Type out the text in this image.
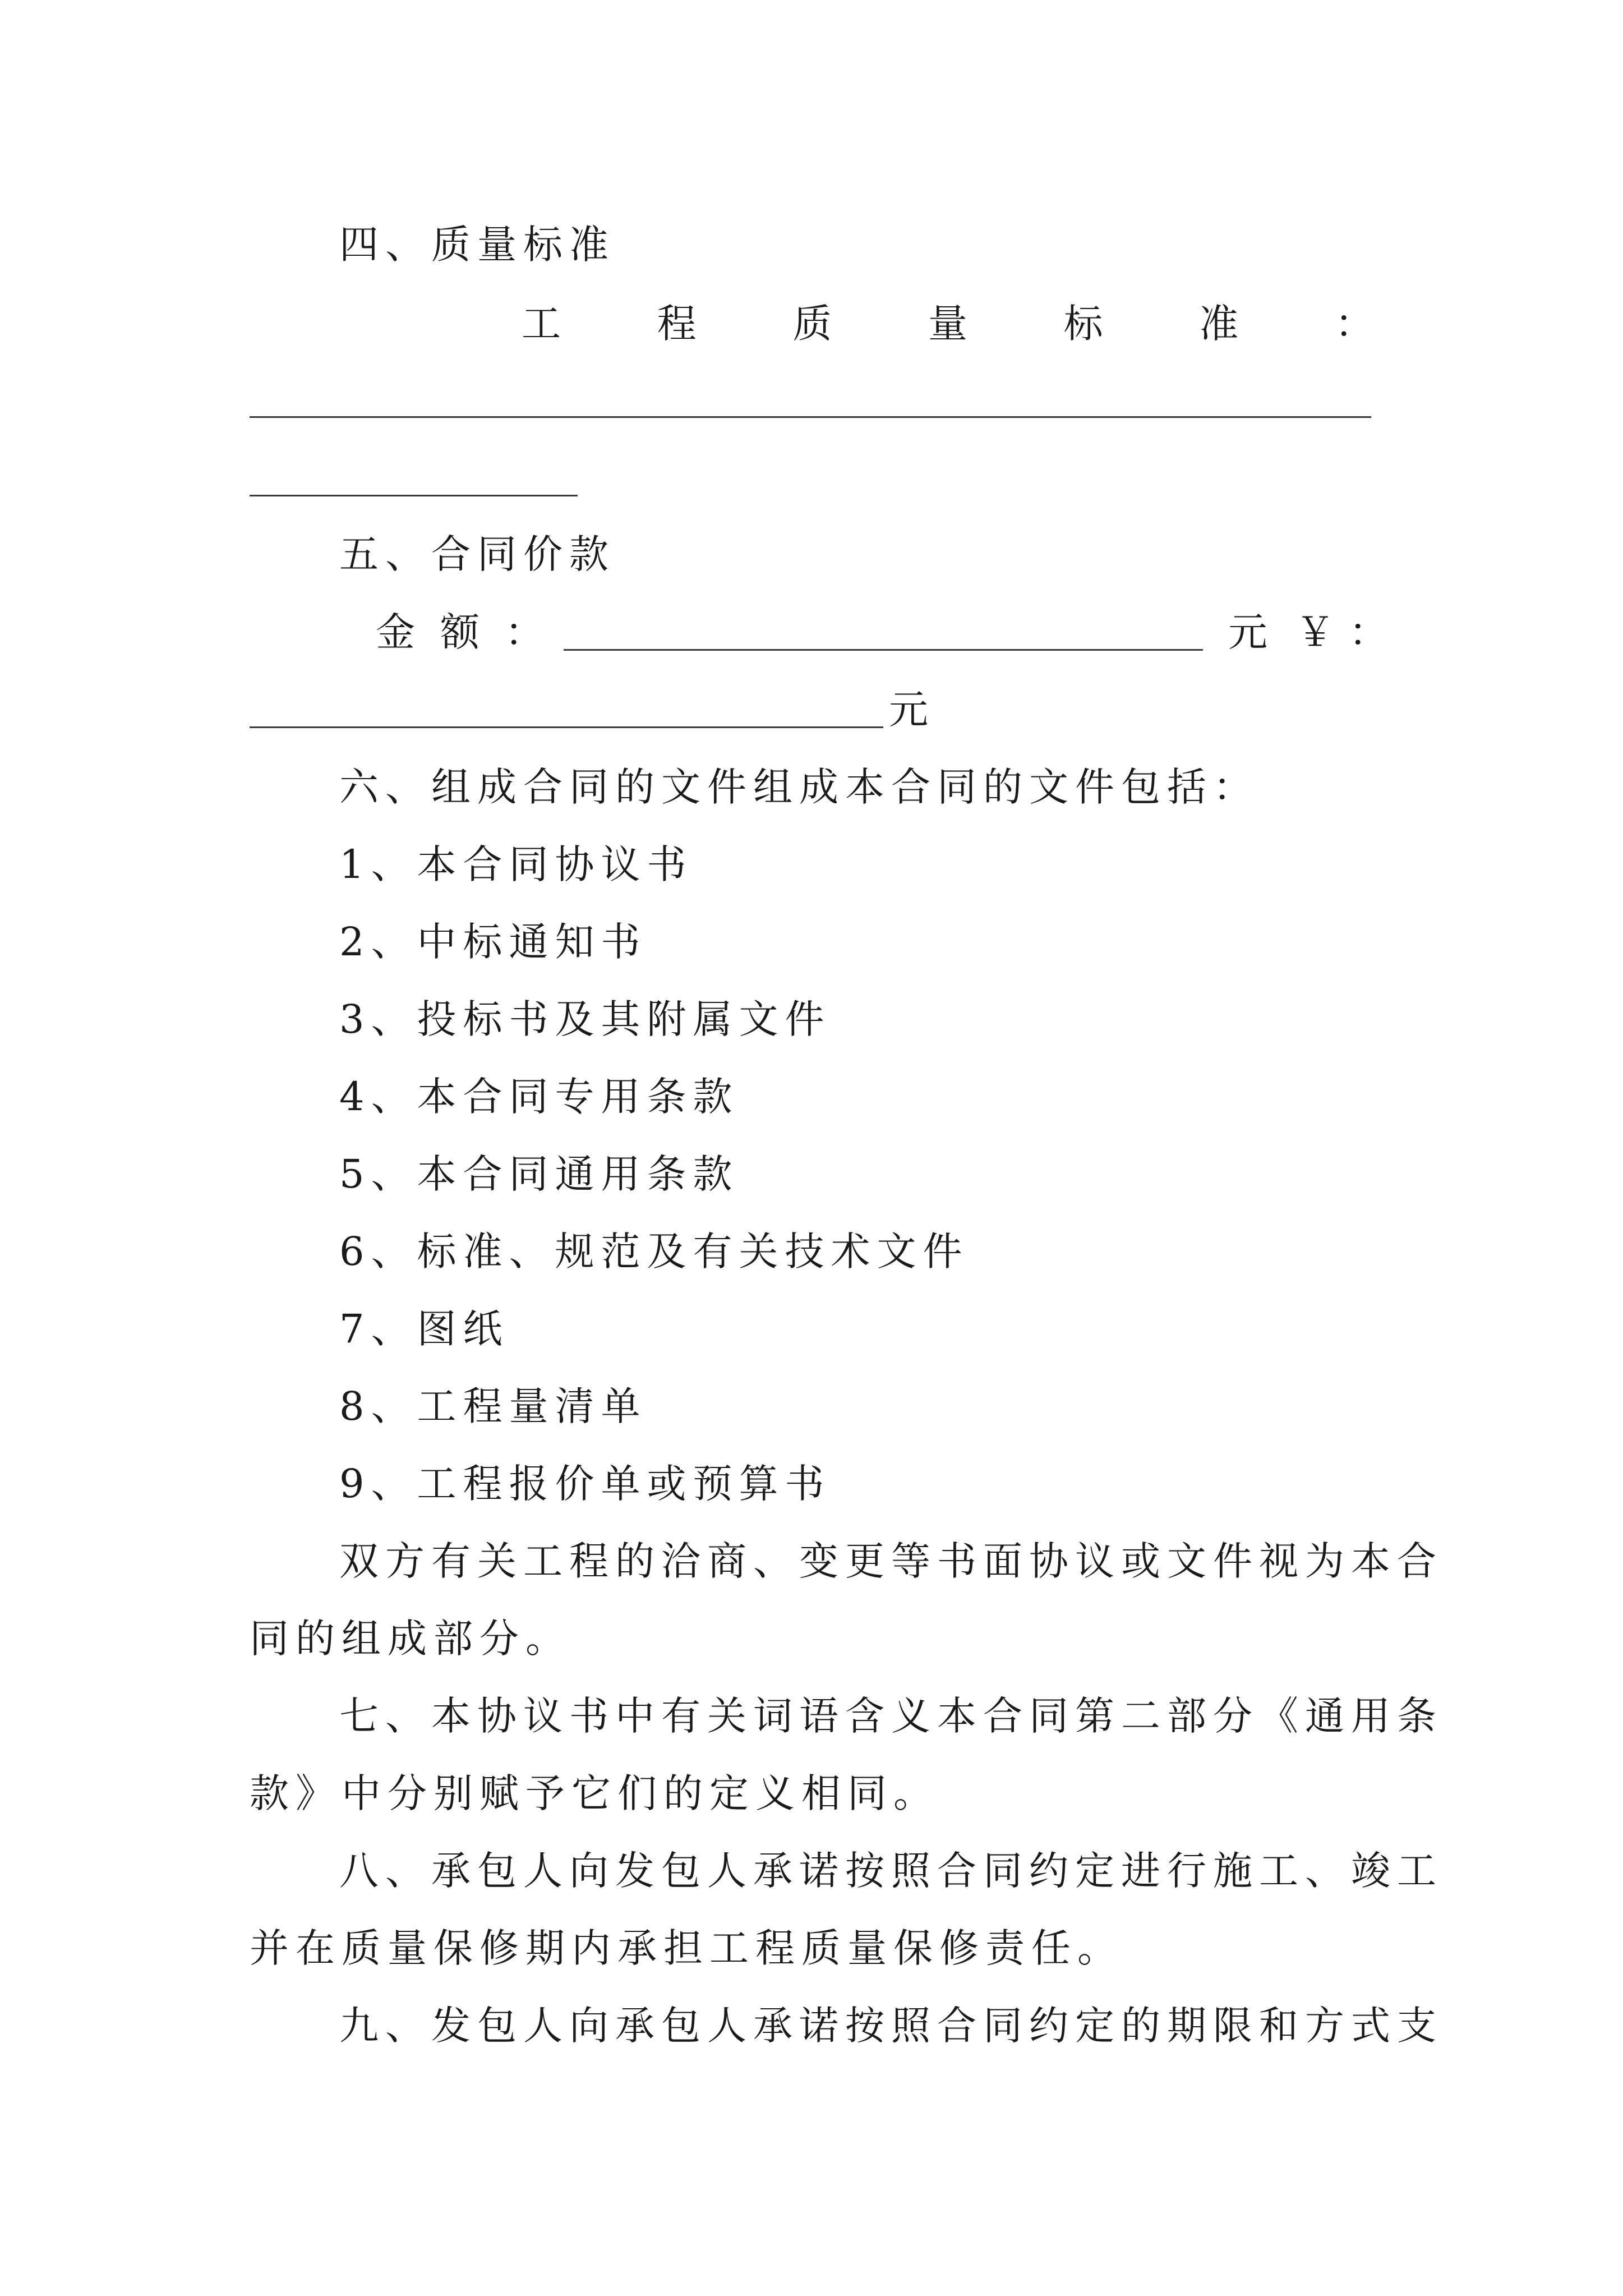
四、质量标准
工 程 质 量 标 准 ：
五、合同价款
金 额 ：	元 ￥ ：
元
六、组成合同的文件组成本合同的文件包括：
1、本合同协议书
2、中标通知书
3、投标书及其附属文件
4、本合同专用条款
5、本合同通用条款
6、标准、规范及有关技术文件
7、图纸
8、工程量清单
9、工程报价单或预算书
双方有关工程的洽商、变更等书面协议或文件视为本合
同的组成部分。
七、本协议书中有关词语含义本合同第二部分《通用条
款》中分别赋予它们的定义相同。
八、承包人向发包人承诺按照合同约定进行施工、竣工
并在质量保修期内承担工程质量保修责任。
九、发包人向承包人承诺按照合同约定的期限和方式支
